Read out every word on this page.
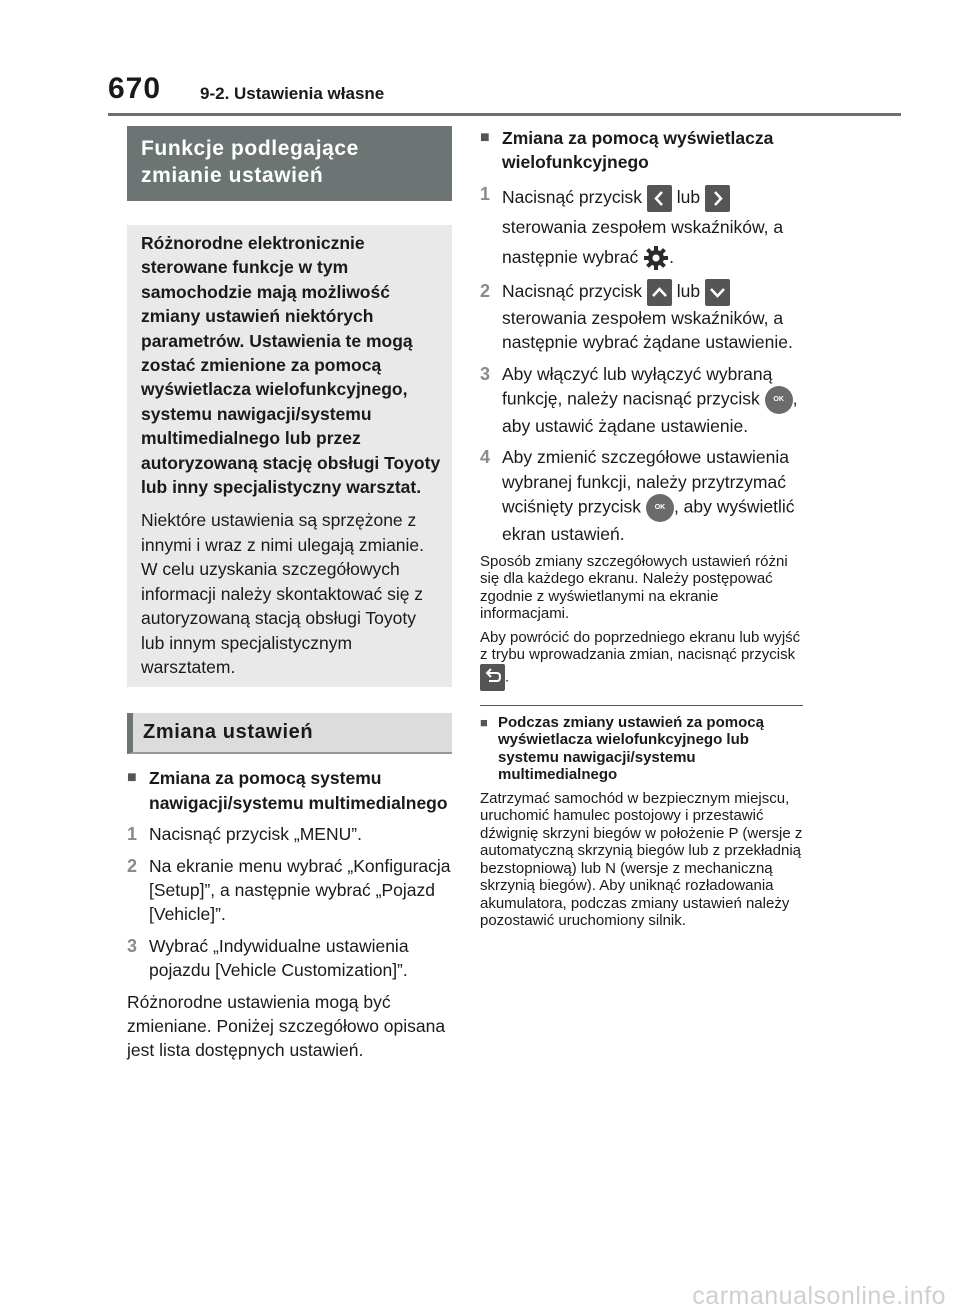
670 9-2. Ustawienia własne
Funkcje podlegające zmianie ustawień

Różnorodne elektronicznie sterowane funkcje w tym samochodzie mają możliwość zmiany ustawień niektórych parametrów. Ustawienia te mogą zostać zmienione za pomocą wyświetlacza wielofunkcyjnego, systemu nawigacji/systemu multimedialnego lub przez autoryzowaną stację obsługi Toyoty lub inny specjalistyczny warsztat.

Niektóre ustawienia są sprzężone z innymi i wraz z nimi ulegają zmianie. W celu uzyskania szczegółowych informacji należy skontaktować się z autoryzowaną stacją obsługi Toyoty lub innym specjalistycznym warsztatem.

Zmiana ustawień
■ Zmiana za pomocą systemu nawigacji/systemu multimedialnego
1 Nacisnąć przycisk „MENU”.
2 Na ekranie menu wybrać „Konfiguracja [Setup]”, a następnie wybrać „Pojazd [Vehicle]”.
3 Wybrać „Indywidualne ustawienia pojazdu [Vehicle Customization]”.
Różnorodne ustawienia mogą być zmieniane. Poniżej szczegółowo opisana jest lista dostępnych ustawień.
■ Zmiana za pomocą wyświetlacza wielofunkcyjnego
1 Nacisnąć przycisk lub
sterowania zespołem wskaźników, a następnie wybrać .
2 Nacisnąć przycisk lub
sterowania zespołem wskaźników, a następnie wybrać żądane ustawienie.
3 Aby włączyć lub wyłączyć wybraną funkcję, należy nacisnąć przycisk OK , aby ustawić żądane ustawienie.
4 Aby zmienić szczegółowe ustawienia wybranej funkcji, należy przytrzymać wciśnięty przycisk OK , aby wyświetlić ekran ustawień.
Sposób zmiany szczegółowych ustawień różni się dla każdego ekranu. Należy postępować zgodnie z wyświetlanymi na ekranie informacjami.
Aby powrócić do poprzedniego ekranu lub wyjść z trybu wprowadzania zmian, nacisnąć przycisk
.
■ Podczas zmiany ustawień za pomocą wyświetlacza wielofunkcyjnego lub systemu nawigacji/systemu multimedialnego
Zatrzymać samochód w bezpiecznym miejscu, uruchomić hamulec postojowy i przestawić dźwignię skrzyni biegów w położenie P (wersje z automatyczną skrzynią biegów lub z przekładnią bezstopniową) lub N (wersje z mechaniczną skrzynią biegów). Aby uniknąć rozładowania akumulatora, podczas zmiany ustawień należy pozostawić uruchomiony silnik.
carmanualsonline.info
